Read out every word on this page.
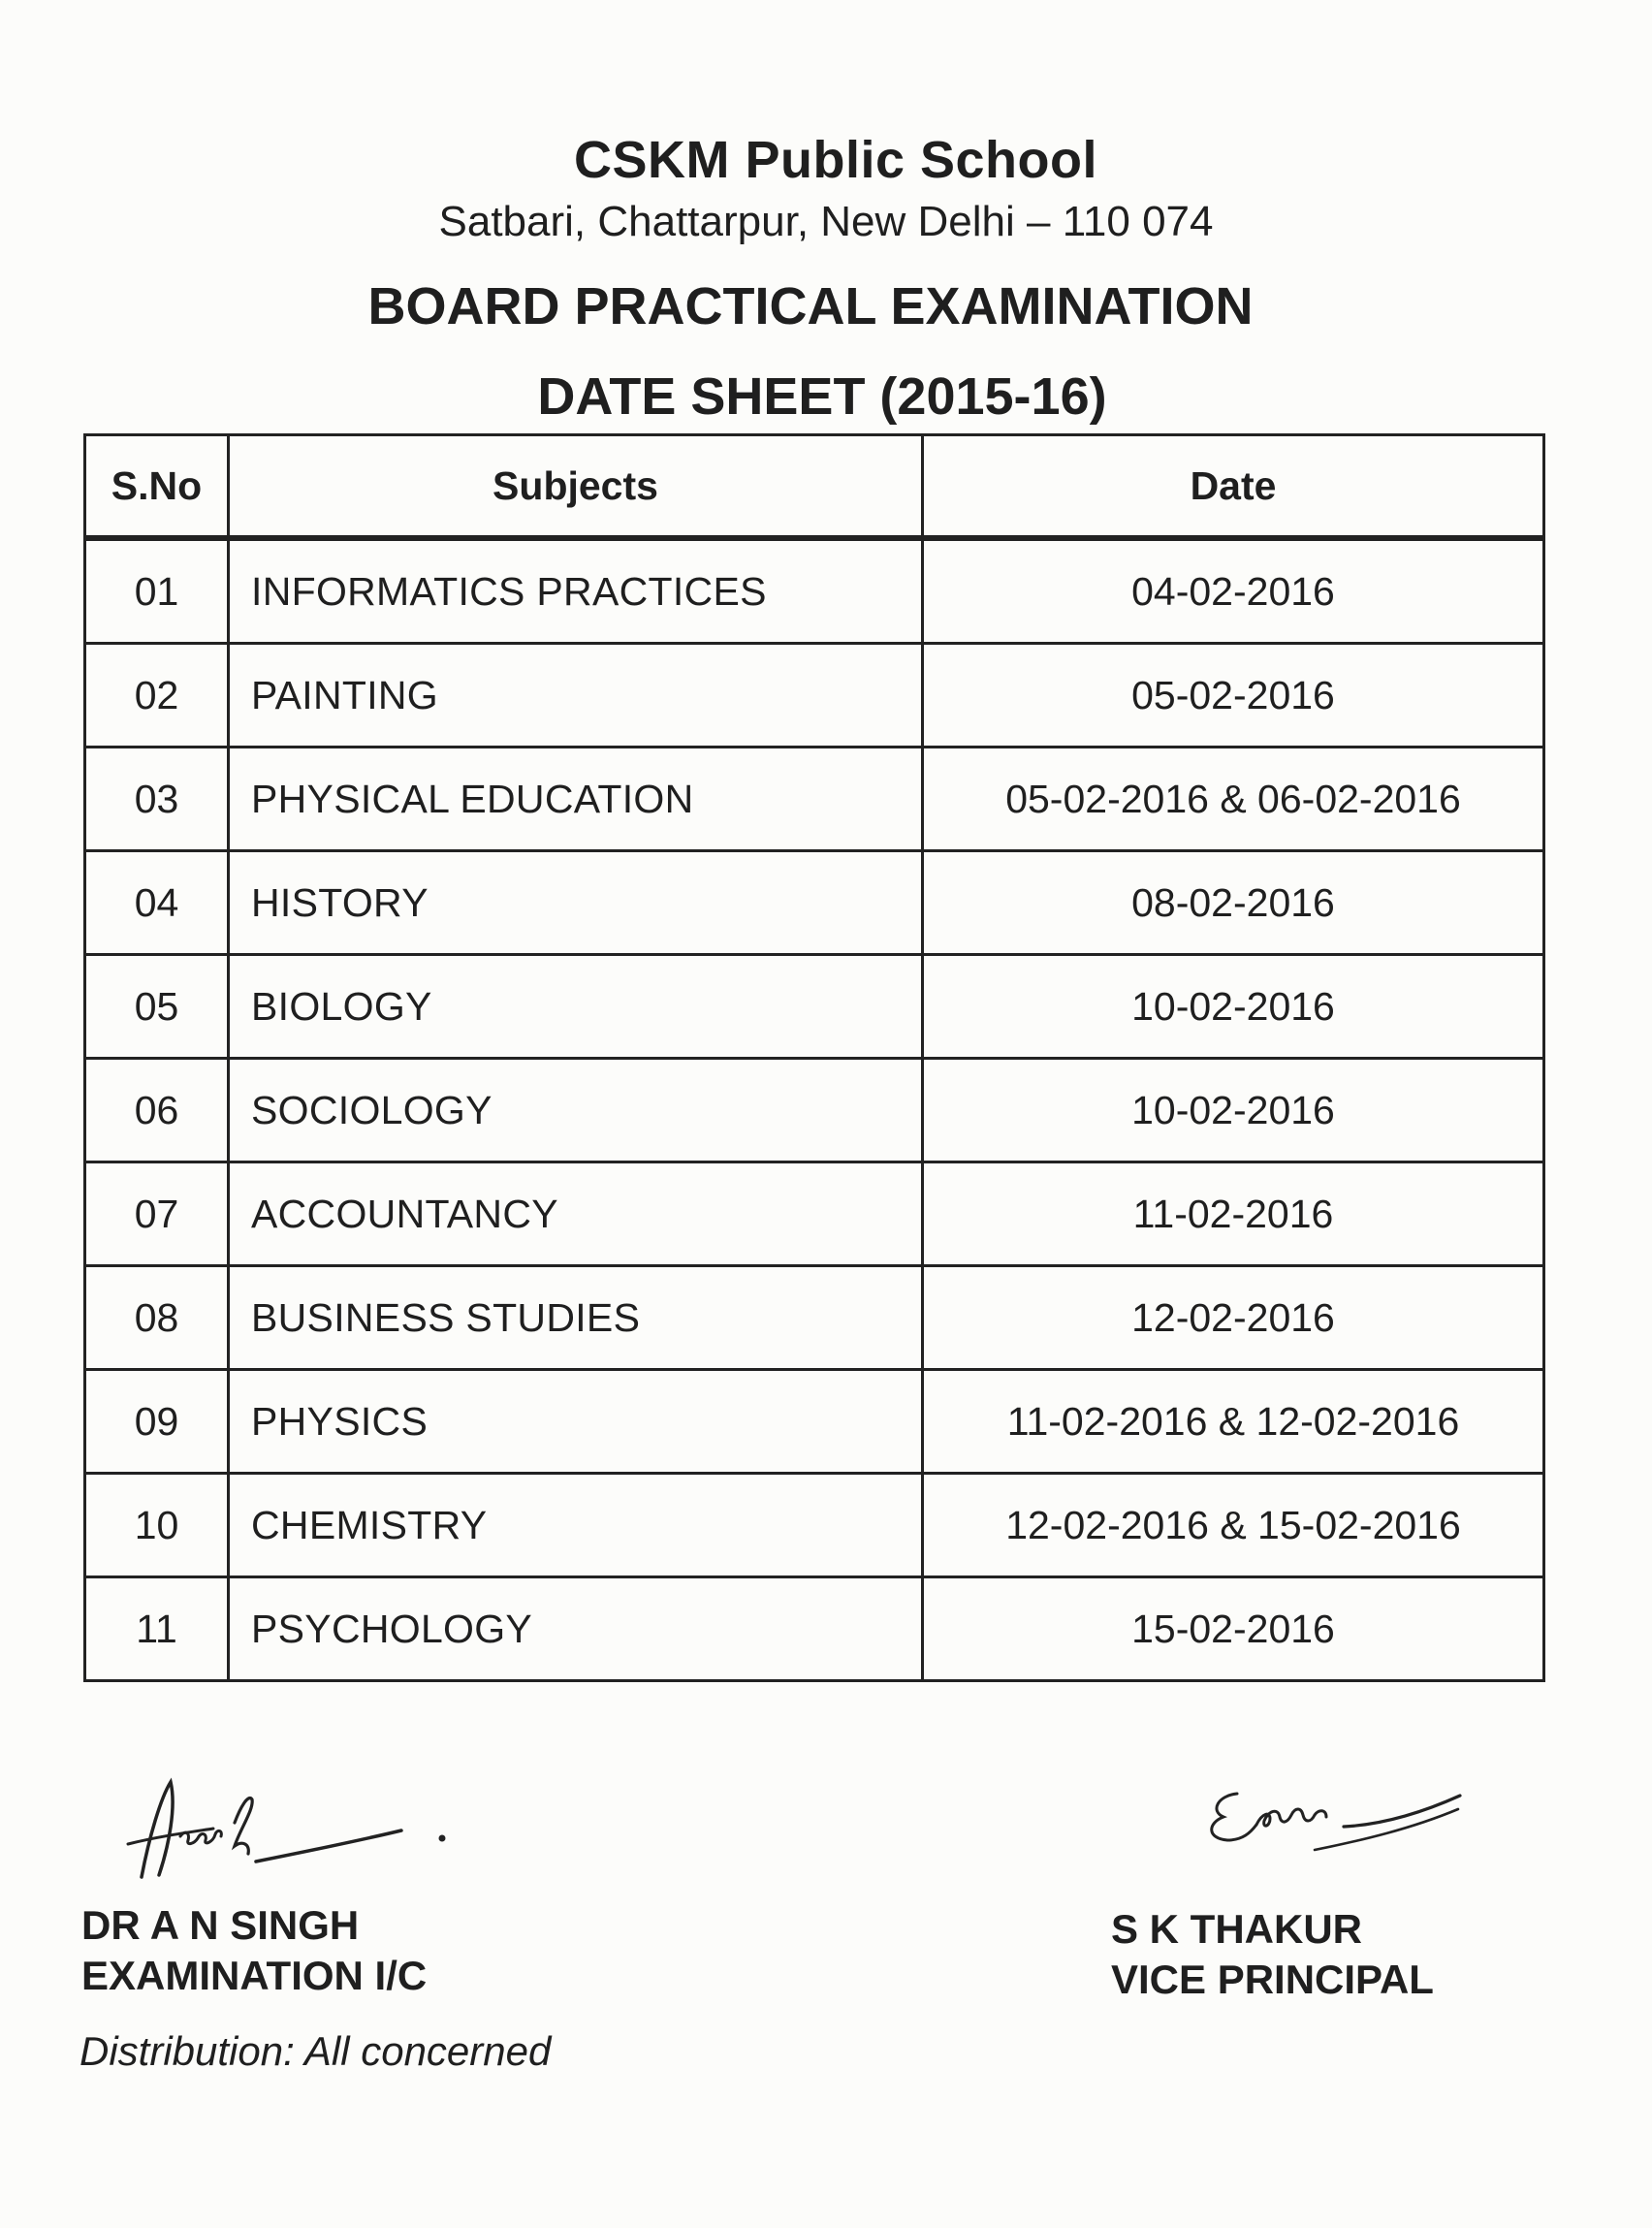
CSKM Public School
Satbari, Chattarpur, New Delhi – 110 074
BOARD PRACTICAL EXAMINATION
DATE SHEET (2015-16)
S.No	Subjects	Date
01	INFORMATICS PRACTICES	04-02-2016
02	PAINTING	05-02-2016
03	PHYSICAL EDUCATION	05-02-2016 & 06-02-2016
04	HISTORY	08-02-2016
05	BIOLOGY	10-02-2016
06	SOCIOLOGY	10-02-2016
07	ACCOUNTANCY	11-02-2016
08	BUSINESS STUDIES	12-02-2016
09	PHYSICS	11-02-2016 & 12-02-2016
10	CHEMISTRY	12-02-2016 & 15-02-2016
11	PSYCHOLOGY	15-02-2016
DR A N SINGH
EXAMINATION I/C
S K THAKUR
VICE PRINCIPAL
Distribution: All concerned
